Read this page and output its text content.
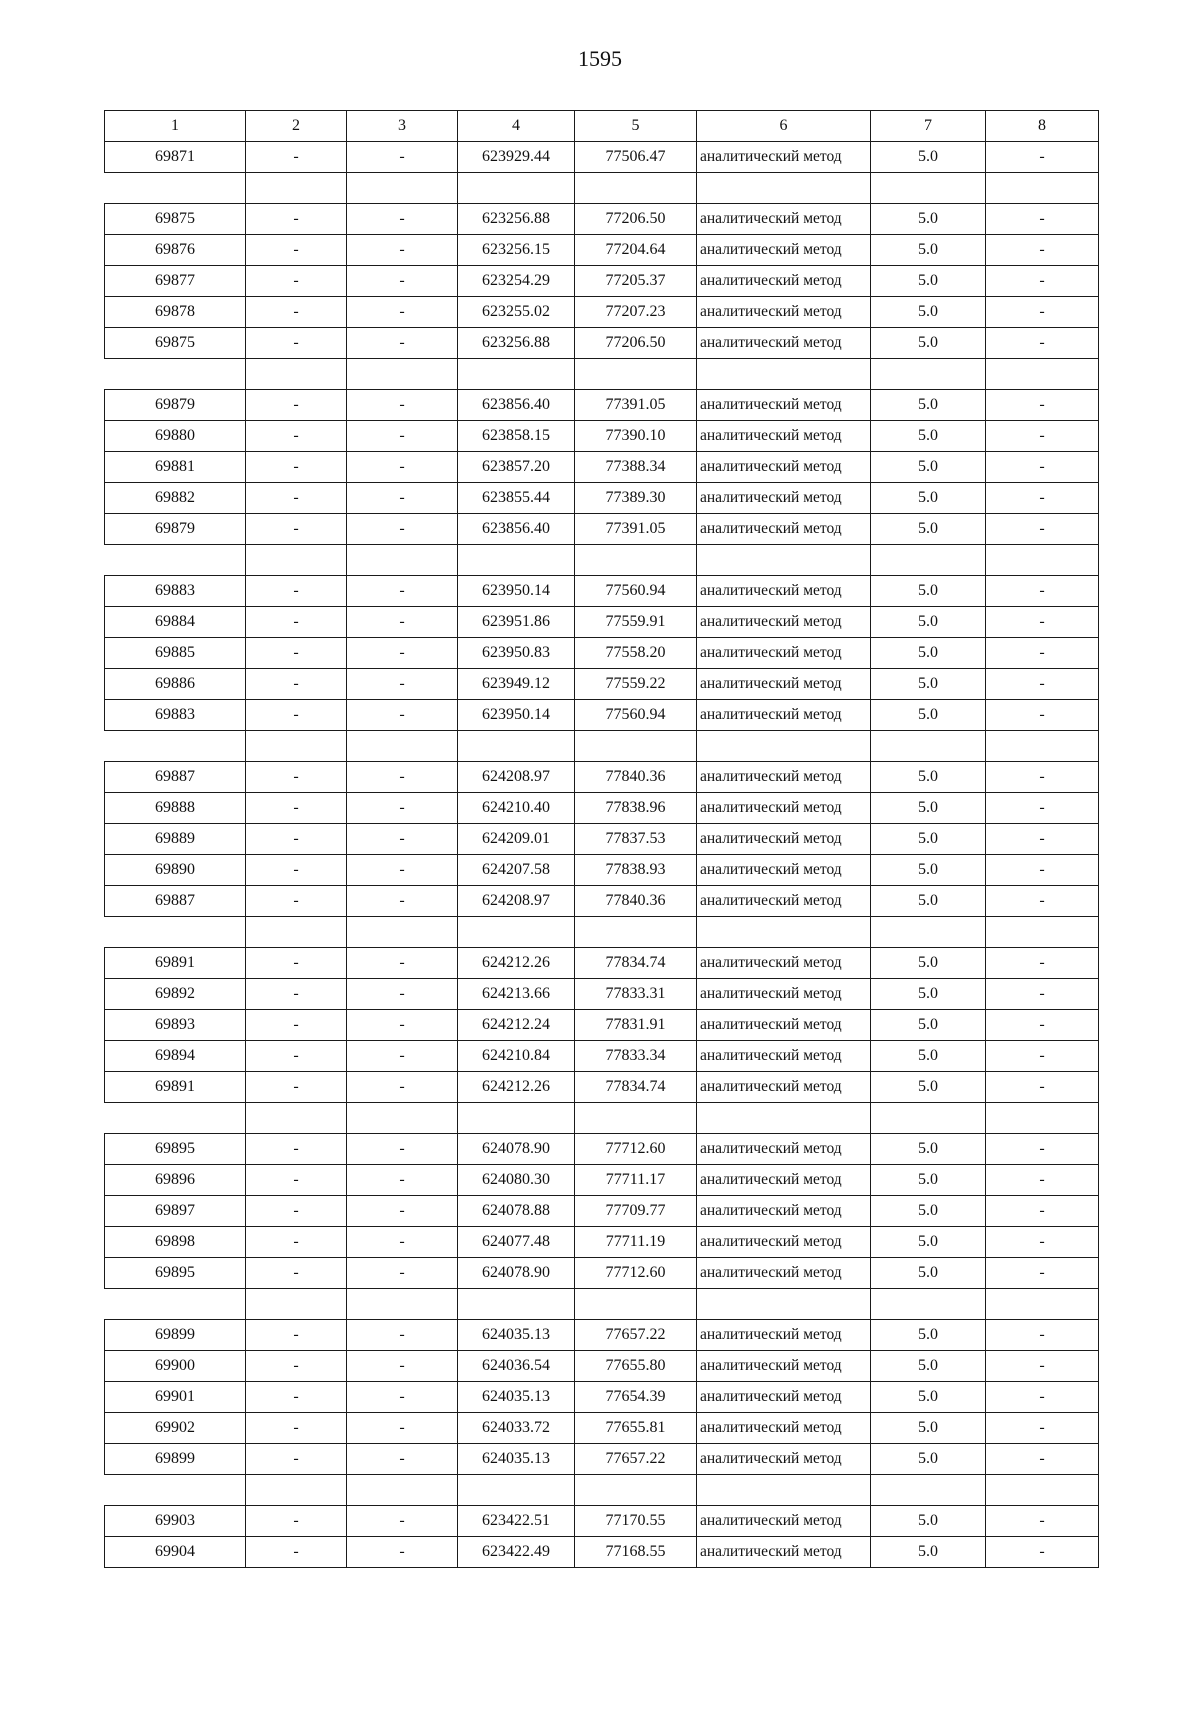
1595
1	2	3	4	5	6	7	8
69871	-	-	623929.44	77506.47	аналитический метод	5.0	-

69875	-	-	623256.88	77206.50	аналитический метод	5.0	-
69876	-	-	623256.15	77204.64	аналитический метод	5.0	-
69877	-	-	623254.29	77205.37	аналитический метод	5.0	-
69878	-	-	623255.02	77207.23	аналитический метод	5.0	-
69875	-	-	623256.88	77206.50	аналитический метод	5.0	-

69879	-	-	623856.40	77391.05	аналитический метод	5.0	-
69880	-	-	623858.15	77390.10	аналитический метод	5.0	-
69881	-	-	623857.20	77388.34	аналитический метод	5.0	-
69882	-	-	623855.44	77389.30	аналитический метод	5.0	-
69879	-	-	623856.40	77391.05	аналитический метод	5.0	-

69883	-	-	623950.14	77560.94	аналитический метод	5.0	-
69884	-	-	623951.86	77559.91	аналитический метод	5.0	-
69885	-	-	623950.83	77558.20	аналитический метод	5.0	-
69886	-	-	623949.12	77559.22	аналитический метод	5.0	-
69883	-	-	623950.14	77560.94	аналитический метод	5.0	-

69887	-	-	624208.97	77840.36	аналитический метод	5.0	-
69888	-	-	624210.40	77838.96	аналитический метод	5.0	-
69889	-	-	624209.01	77837.53	аналитический метод	5.0	-
69890	-	-	624207.58	77838.93	аналитический метод	5.0	-
69887	-	-	624208.97	77840.36	аналитический метод	5.0	-

69891	-	-	624212.26	77834.74	аналитический метод	5.0	-
69892	-	-	624213.66	77833.31	аналитический метод	5.0	-
69893	-	-	624212.24	77831.91	аналитический метод	5.0	-
69894	-	-	624210.84	77833.34	аналитический метод	5.0	-
69891	-	-	624212.26	77834.74	аналитический метод	5.0	-

69895	-	-	624078.90	77712.60	аналитический метод	5.0	-
69896	-	-	624080.30	77711.17	аналитический метод	5.0	-
69897	-	-	624078.88	77709.77	аналитический метод	5.0	-
69898	-	-	624077.48	77711.19	аналитический метод	5.0	-
69895	-	-	624078.90	77712.60	аналитический метод	5.0	-

69899	-	-	624035.13	77657.22	аналитический метод	5.0	-
69900	-	-	624036.54	77655.80	аналитический метод	5.0	-
69901	-	-	624035.13	77654.39	аналитический метод	5.0	-
69902	-	-	624033.72	77655.81	аналитический метод	5.0	-
69899	-	-	624035.13	77657.22	аналитический метод	5.0	-

69903	-	-	623422.51	77170.55	аналитический метод	5.0	-
69904	-	-	623422.49	77168.55	аналитический метод	5.0	-
